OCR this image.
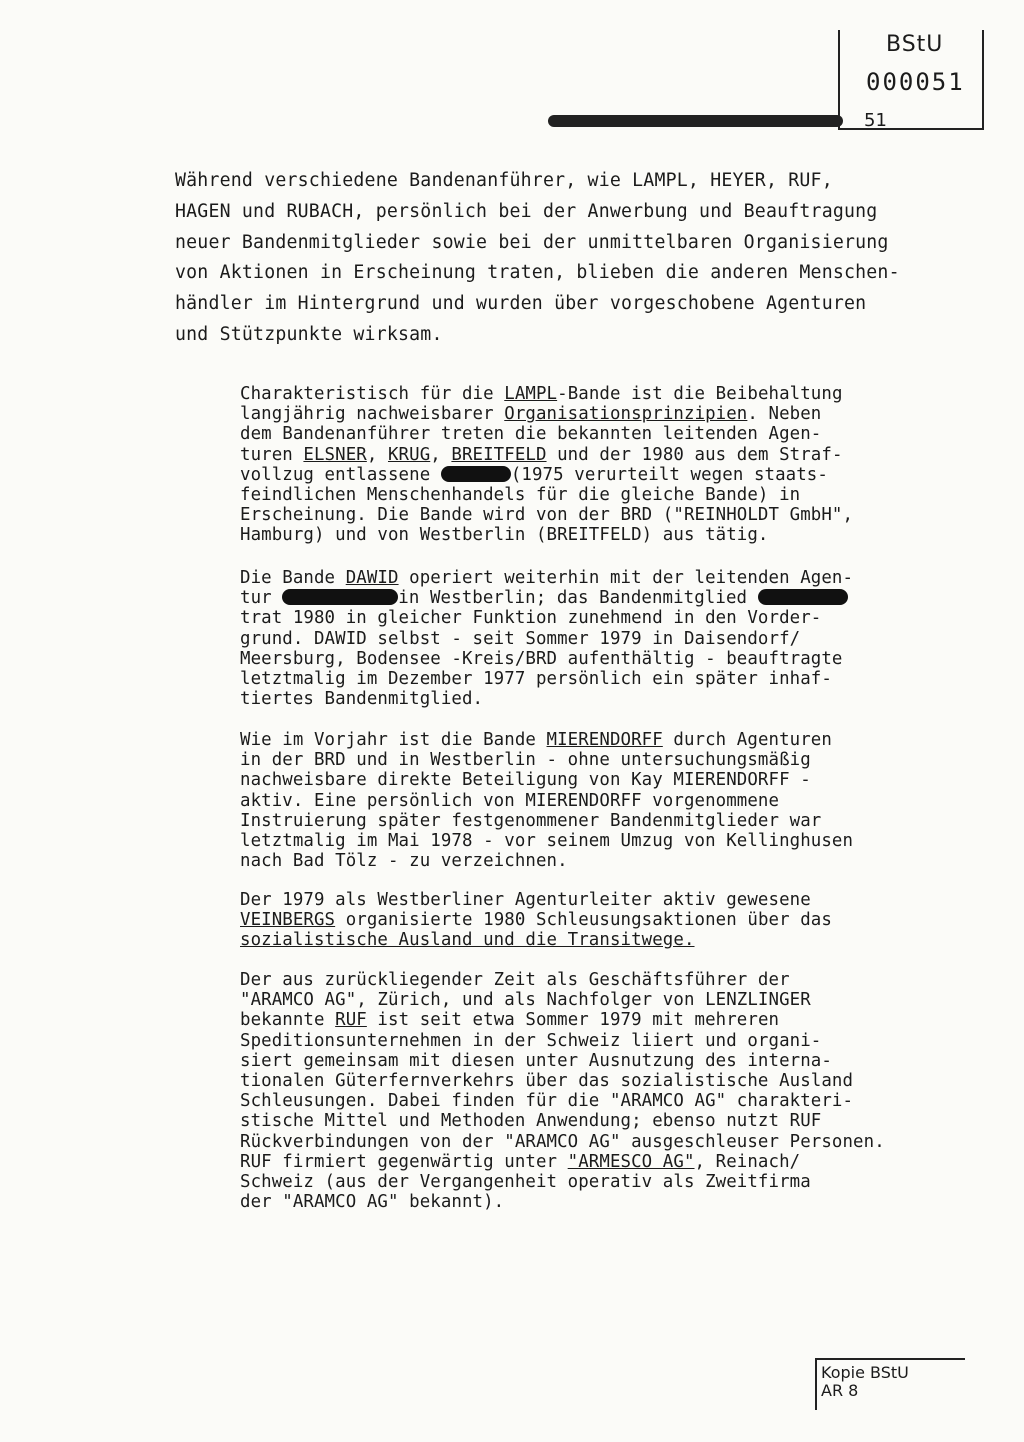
BStU
000051
51
Während verschiedene Bandenanführer, wie LAMPL, HEYER, RUF,
HAGEN und RUBACH, persönlich bei der Anwerbung und Beauftragung
neuer Bandenmitglieder sowie bei der unmittelbaren Organisierung
von Aktionen in Erscheinung traten, blieben die anderen Menschen-
händler im Hintergrund und wurden über vorgeschobene Agenturen
und Stützpunkte wirksam.
Charakteristisch für die LAMPL-Bande ist die Beibehaltung
langjährig nachweisbarer Organisationsprinzipien. Neben
dem Bandenanführer treten die bekannten leitenden Agen-
turen ELSNER, KRUG, BREITFELD und der 1980 aus dem Straf-
vollzug entlassene	(1975 verurteilt wegen staats-
feindlichen Menschenhandels für die gleiche Bande) in
Erscheinung. Die Bande wird von der BRD ("REINHOLDT GmbH",
Hamburg) und von Westberlin (BREITFELD) aus tätig.
Die Bande DAWID operiert weiterhin mit der leitenden Agen-
tur	in Westberlin; das Bandenmitglied
trat 1980 in gleicher Funktion zunehmend in den Vorder-
grund. DAWID selbst - seit Sommer 1979 in Daisendorf/
Meersburg, Bodensee -Kreis/BRD aufenthältig - beauftragte
letztmalig im Dezember 1977 persönlich ein später inhaf-
tiertes Bandenmitglied.
Wie im Vorjahr ist die Bande MIERENDORFF durch Agenturen
in der BRD und in Westberlin - ohne untersuchungsmäßig
nachweisbare direkte Beteiligung von Kay MIERENDORFF -
aktiv. Eine persönlich von MIERENDORFF vorgenommene
Instruierung später festgenommener Bandenmitglieder war
letztmalig im Mai 1978 - vor seinem Umzug von Kellinghusen
nach Bad Tölz - zu verzeichnen.
Der 1979 als Westberliner Agenturleiter aktiv gewesene
VEINBERGS organisierte 1980 Schleusungsaktionen über das
sozialistische Ausland und die Transitwege.
Der aus zurückliegender Zeit als Geschäftsführer der
"ARAMCO AG", Zürich, und als Nachfolger von LENZLINGER
bekannte RUF ist seit etwa Sommer 1979 mit mehreren
Speditionsunternehmen in der Schweiz liiert und organi-
siert gemeinsam mit diesen unter Ausnutzung des interna-
tionalen Güterfernverkehrs über das sozialistische Ausland
Schleusungen. Dabei finden für die "ARAMCO AG" charakteri-
stische Mittel und Methoden Anwendung; ebenso nutzt RUF
Rückverbindungen von der "ARAMCO AG" ausgeschleuser Personen.
RUF firmiert gegenwärtig unter "ARMESCO AG", Reinach/
Schweiz (aus der Vergangenheit operativ als Zweitfirma
der "ARAMCO AG" bekannt).
Kopie BStU
AR 8
